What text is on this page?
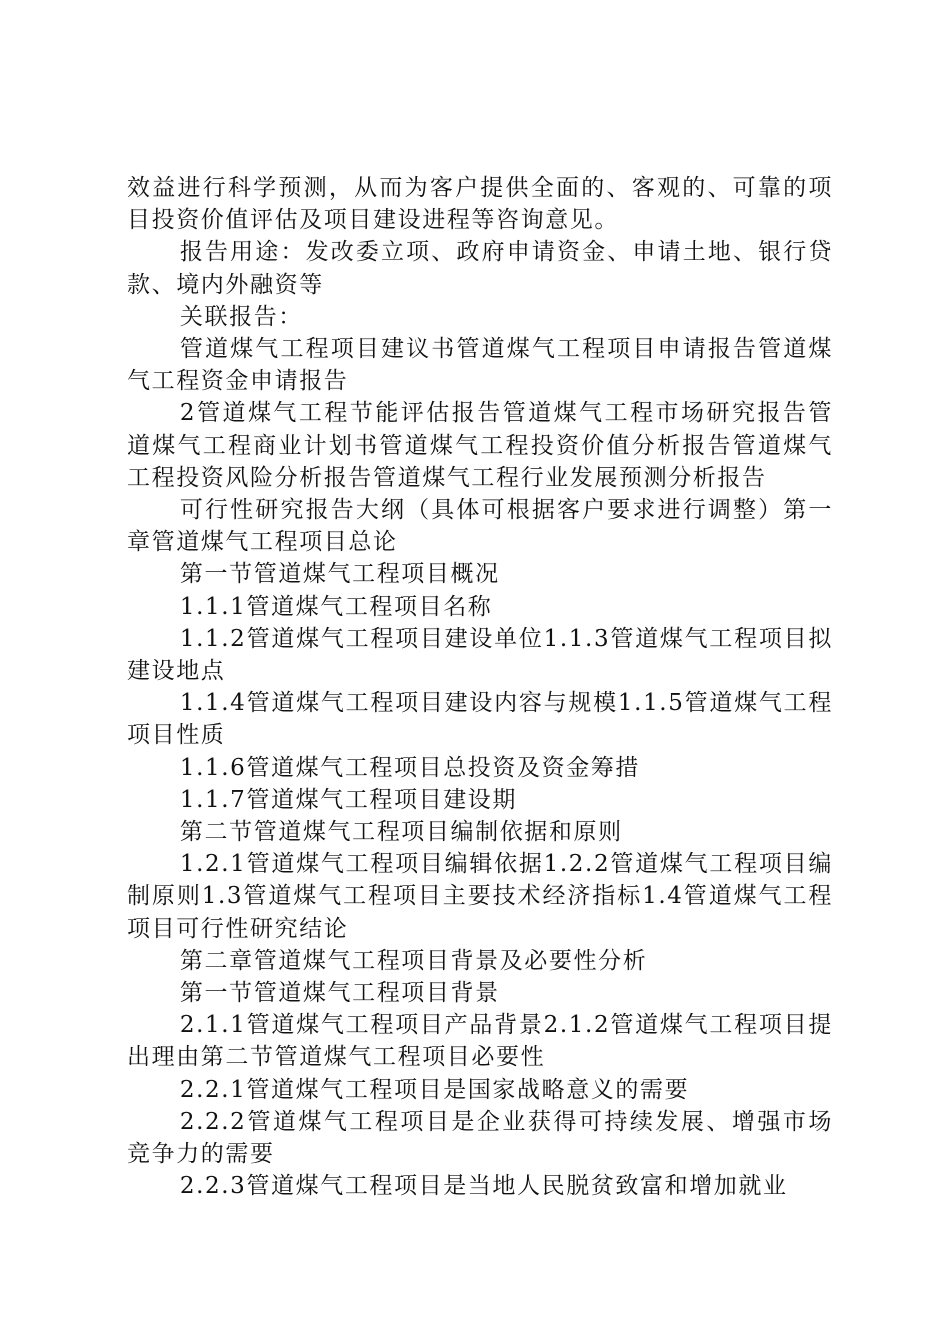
效益进行科学预测，从而为客户提供全面的、客观的、可靠的项目投资价值评估及项目建设进程等咨询意见。

报告用途：发改委立项、政府申请资金、申请土地、银行贷款、境内外融资等

关联报告：

管道煤气工程项目建议书管道煤气工程项目申请报告管道煤气工程资金申请报告

2管道煤气工程节能评估报告管道煤气工程市场研究报告管道煤气工程商业计划书管道煤气工程投资价值分析报告管道煤气工程投资风险分析报告管道煤气工程行业发展预测分析报告

可行性研究报告大纲（具体可根据客户要求进行调整）第一章管道煤气工程项目总论

第一节管道煤气工程项目概况

1.1.1管道煤气工程项目名称

1.1.2管道煤气工程项目建设单位1.1.3管道煤气工程项目拟建设地点

1.1.4管道煤气工程项目建设内容与规模1.1.5管道煤气工程项目性质

1.1.6管道煤气工程项目总投资及资金筹措

1.1.7管道煤气工程项目建设期

第二节管道煤气工程项目编制依据和原则

1.2.1管道煤气工程项目编辑依据1.2.2管道煤气工程项目编制原则1.3管道煤气工程项目主要技术经济指标1.4管道煤气工程项目可行性研究结论

第二章管道煤气工程项目背景及必要性分析

第一节管道煤气工程项目背景

2.1.1管道煤气工程项目产品背景2.1.2管道煤气工程项目提出理由第二节管道煤气工程项目必要性

2.2.1管道煤气工程项目是国家战略意义的需要

2.2.2管道煤气工程项目是企业获得可持续发展、增强市场竞争力的需要

2.2.3管道煤气工程项目是当地人民脱贫致富和增加就业
